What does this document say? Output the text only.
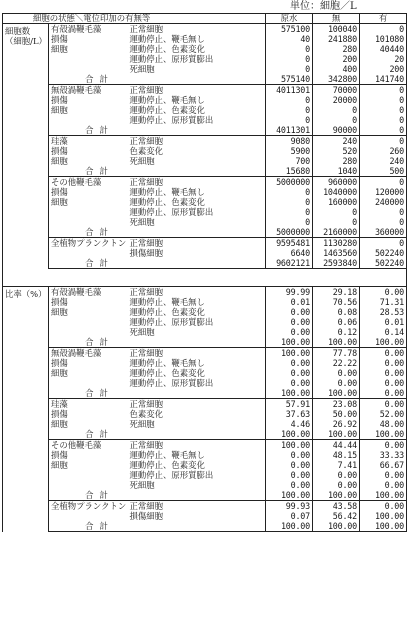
単位：細胞／L
細胞の状態＼電位印加の有無等				原水	無	有
細胞数
（細胞/L）	有殻渦鞭毛藻		正常細胞	575100	100040	0
	損傷		運動停止、鞭毛無し	40	241880	101080
	細胞		運動停止、色素変化	0	280	40440
			運動停止、原形質膨出	0	200	20
			死細胞	0	400	200
	合	計		575140	342800	141740
	無殻渦鞭毛藻		正常細胞	4011301	70000	0
	損傷		運動停止、鞭毛無し	0	20000	0
	細胞		運動停止、色素変化	0	0	0
			運動停止、原形質膨出	0	0	0
	合	計		4011301	90000	0
	珪藻		正常細胞	9080	240	0
	損傷		色素変化	5900	520	260
	細胞		死細胞	700	280	240
	合	計		15680	1040	500
	その他鞭毛藻		正常細胞	5000000	960000	0
	損傷		運動停止、鞭毛無し	0	1040000	120000
	細胞		運動停止、色素変化	0	160000	240000
			運動停止、原形質膨出	0	0	0
			死細胞	0	0	0
	合	計		5000000	2160000	360000
	全植物プランクトン		正常細胞	9595481	1130280	0
			損傷細胞	6640	1463560	502240
	合	計		9602121	2593840	502240

比率（%）	有殻渦鞭毛藻		正常細胞	99.99	29.18	0.00
	損傷		運動停止、鞭毛無し	0.01	70.56	71.31
	細胞		運動停止、色素変化	0.00	0.08	28.53
			運動停止、原形質膨出	0.00	0.06	0.01
			死細胞	0.00	0.12	0.14
	合	計		100.00	100.00	100.00
	無殻渦鞭毛藻		正常細胞	100.00	77.78	0.00
	損傷		運動停止、鞭毛無し	0.00	22.22	0.00
	細胞		運動停止、色素変化	0.00	0.00	0.00
			運動停止、原形質膨出	0.00	0.00	0.00
	合	計		100.00	100.00	0.00
	珪藻		正常細胞	57.91	23.08	0.00
	損傷		色素変化	37.63	50.00	52.00
	細胞		死細胞	4.46	26.92	48.00
	合	計		100.00	100.00	100.00
	その他鞭毛藻		正常細胞	100.00	44.44	0.00
	損傷		運動停止、鞭毛無し	0.00	48.15	33.33
	細胞		運動停止、色素変化	0.00	7.41	66.67
			運動停止、原形質膨出	0.00	0.00	0.00
			死細胞	0.00	0.00	0.00
	合	計		100.00	100.00	100.00
	全植物プランクトン		正常細胞	99.93	43.58	0.00
			損傷細胞	0.07	56.42	100.00
	合	計		100.00	100.00	100.00
